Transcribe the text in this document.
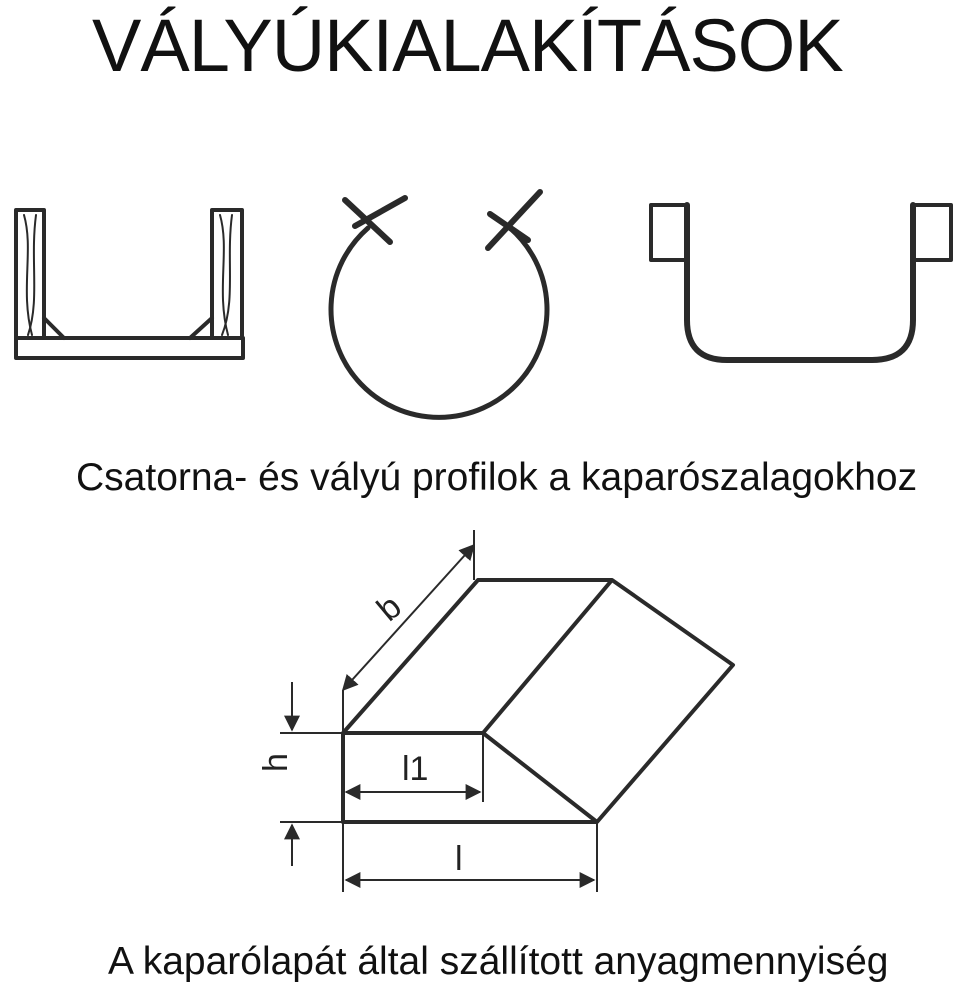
VÁLYÚKIALAKÍTÁSOK
Csatorna- és vályú profilok a kaparószalagokhoz
b
h	l1
l
A kaparólapát által szállított anyagmennyiség
